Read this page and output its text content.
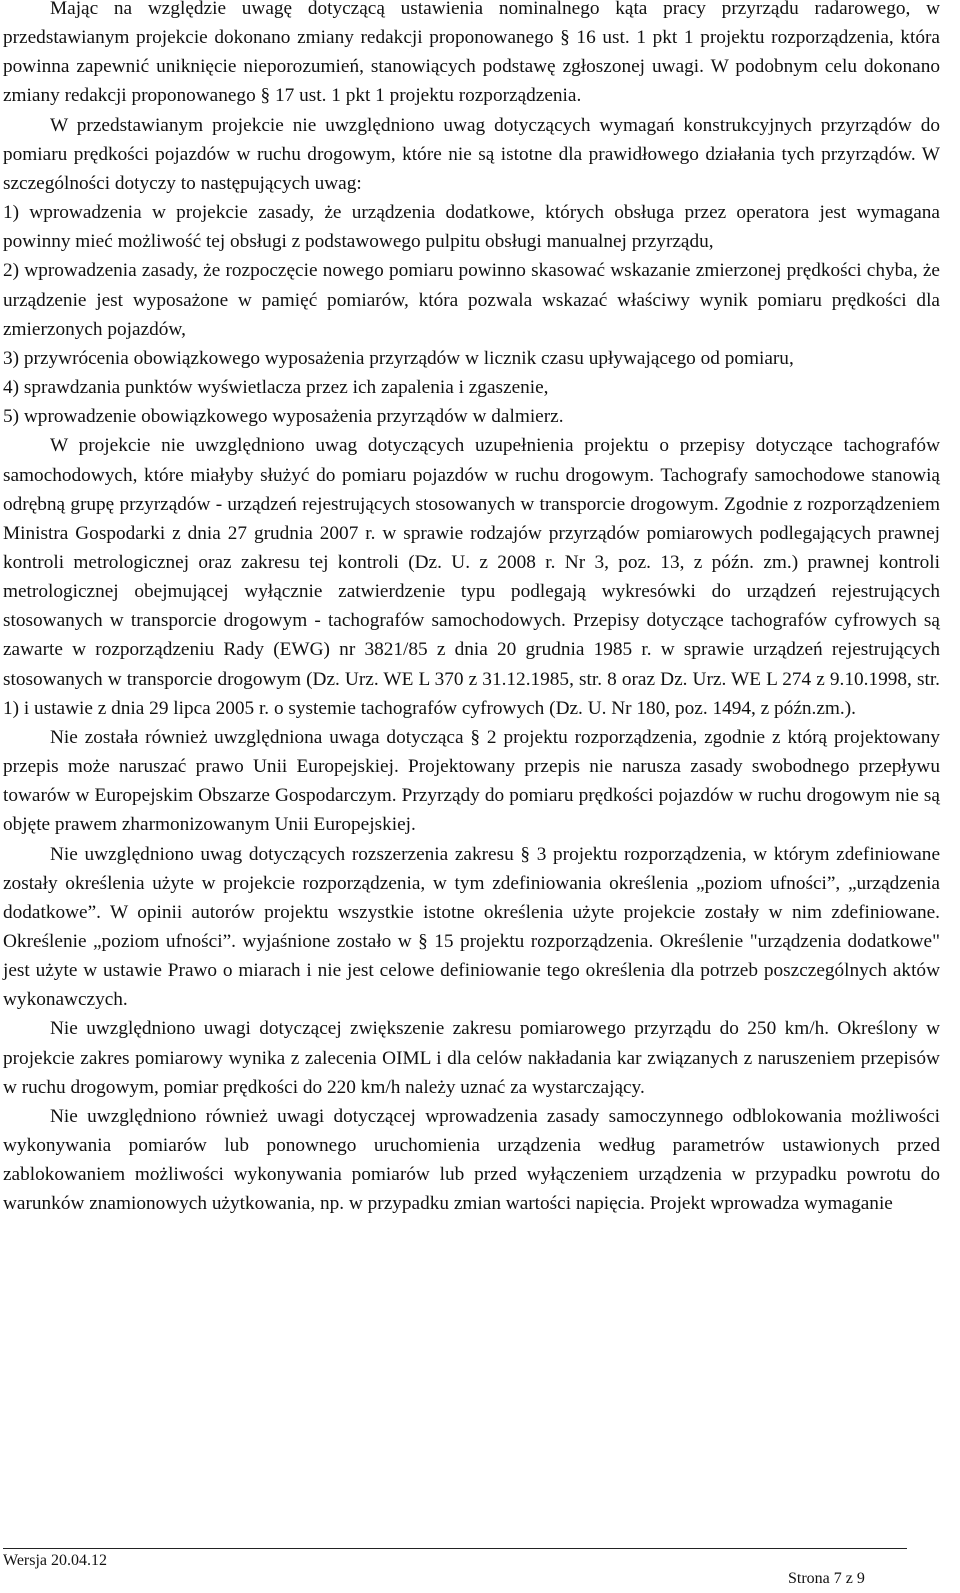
Mając na względzie uwagę dotyczącą ustawienia nominalnego kąta pracy przyrządu radarowego, w przedstawianym projekcie dokonano zmiany redakcji proponowanego § 16 ust. 1 pkt 1 projektu rozporządzenia, która powinna zapewnić uniknięcie nieporozumień, stanowiących podstawę zgłoszonej uwagi. W podobnym celu dokonano zmiany redakcji proponowanego § 17 ust. 1 pkt 1 projektu rozporządzenia.

W przedstawianym projekcie nie uwzględniono uwag dotyczących wymagań konstrukcyjnych przyrządów do pomiaru prędkości pojazdów w ruchu drogowym, które nie są istotne dla prawidłowego działania tych przyrządów. W szczególności dotyczy to następujących uwag:

1) wprowadzenia w projekcie zasady, że urządzenia dodatkowe, których obsługa przez operatora jest wymagana powinny mieć możliwość tej obsługi z podstawowego pulpitu obsługi manualnej przyrządu,

2) wprowadzenia zasady, że rozpoczęcie nowego pomiaru powinno skasować wskazanie zmierzonej prędkości chyba, że urządzenie jest wyposażone w pamięć pomiarów, która pozwala wskazać właściwy wynik pomiaru prędkości dla zmierzonych pojazdów,

3) przywrócenia obowiązkowego wyposażenia przyrządów w licznik czasu upływającego od pomiaru,

4) sprawdzania punktów wyświetlacza przez ich zapalenia i zgaszenie,

5) wprowadzenie obowiązkowego wyposażenia przyrządów w dalmierz.

W projekcie nie uwzględniono uwag dotyczących uzupełnienia projektu o przepisy dotyczące tachografów samochodowych, które miałyby służyć do pomiaru pojazdów w ruchu drogowym. Tachografy samochodowe stanowią odrębną grupę przyrządów - urządzeń rejestrujących stosowanych w transporcie drogowym. Zgodnie z rozporządzeniem Ministra Gospodarki z dnia 27 grudnia 2007 r. w sprawie rodzajów przyrządów pomiarowych podlegających prawnej kontroli metrologicznej oraz zakresu tej kontroli (Dz. U. z 2008 r. Nr 3, poz. 13, z późn. zm.) prawnej kontroli metrologicznej obejmującej wyłącznie zatwierdzenie typu podlegają wykresówki do urządzeń rejestrujących stosowanych w transporcie drogowym - tachografów samochodowych. Przepisy dotyczące tachografów cyfrowych są zawarte w rozporządzeniu Rady (EWG) nr 3821/85 z dnia 20 grudnia 1985 r. w sprawie urządzeń rejestrujących stosowanych w transporcie drogowym (Dz. Urz. WE L 370 z 31.12.1985, str. 8 oraz Dz. Urz. WE L 274 z 9.10.1998, str. 1) i ustawie z dnia 29 lipca 2005 r. o systemie tachografów cyfrowych (Dz. U. Nr 180, poz. 1494, z późn.zm.).

Nie została również uwzględniona uwaga dotycząca § 2 projektu rozporządzenia, zgodnie z którą projektowany przepis może naruszać prawo Unii Europejskiej. Projektowany przepis nie narusza zasady swobodnego przepływu towarów w Europejskim Obszarze Gospodarczym. Przyrządy do pomiaru prędkości pojazdów w ruchu drogowym nie są objęte prawem zharmonizowanym Unii Europejskiej.

Nie uwzględniono uwag dotyczących rozszerzenia zakresu § 3 projektu rozporządzenia, w którym zdefiniowane zostały określenia użyte w projekcie rozporządzenia, w tym zdefiniowania określenia „poziom ufności”, „urządzenia dodatkowe”. W opinii autorów projektu wszystkie istotne określenia użyte projekcie zostały w nim zdefiniowane. Określenie „poziom ufności”. wyjaśnione zostało w § 15 projektu rozporządzenia. Określenie "urządzenia dodatkowe" jest użyte w ustawie Prawo o miarach i nie jest celowe definiowanie tego określenia dla potrzeb poszczególnych aktów wykonawczych.

Nie uwzględniono uwagi dotyczącej zwiększenie zakresu pomiarowego przyrządu do 250 km/h. Określony w projekcie zakres pomiarowy wynika z zalecenia OIML i dla celów nakładania kar związanych z naruszeniem przepisów w ruchu drogowym, pomiar prędkości do 220 km/h należy uznać za wystarczający.

Nie uwzględniono również uwagi dotyczącej wprowadzenia zasady samoczynnego odblokowania możliwości wykonywania pomiarów lub ponownego uruchomienia urządzenia według parametrów ustawionych przed zablokowaniem możliwości wykonywania pomiarów lub przed wyłączeniem urządzenia w przypadku powrotu do warunków znamionowych użytkowania, np. w przypadku zmian wartości napięcia. Projekt wprowadza wymaganie

Wersja 20.04.12
Strona 7 z 9
